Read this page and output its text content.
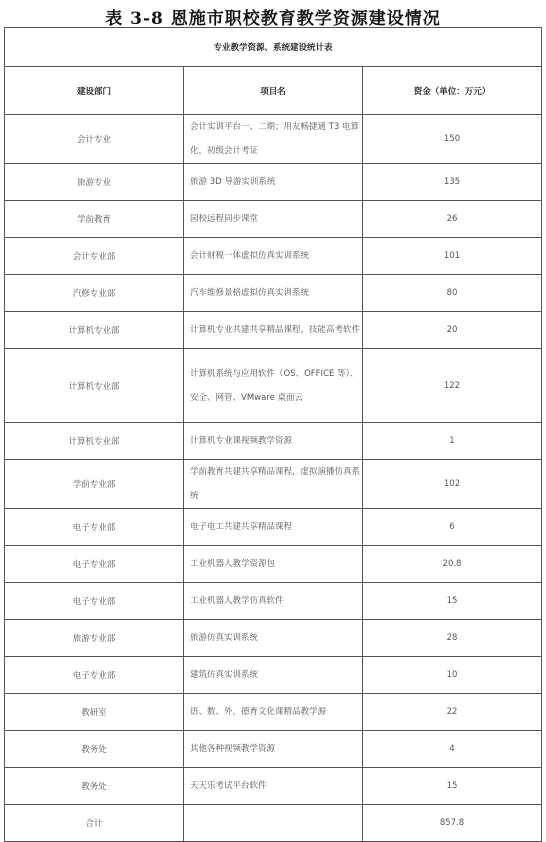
表 3-8 恩施市职校教育教学资源建设情况
专业教学资源、系统建设统计表		
建设部门	项目名	资金（单位：万元）
会计专业	会计实训平台一、二期；用友畅捷通 T3 电算化，初级会计考证	150
旅游专业	旅游 3D 导游实训系统	135
学前教育	园校远程同步课堂	26
会计专业部	会计财税一体虚拟仿真实训系统	101
汽修专业部	汽车维修景格虚拟仿真实训系统	80
计算机专业部	计算机专业共建共享精品课程，技能高考软件	20
计算机专业部	计算机系统与应用软件（OS、OFFICE 等）、安全、网管、VMware 桌面云	122
计算机专业部	计算机专业课视频教学资源	1
学前专业部	学前教育共建共享精品课程，虚拟演播仿真系统	102
电子专业部	电子电工共建共享精品课程	6
电子专业部	工业机器人教学资源包	20.8
电子专业部	工业机器人教学仿真软件	15
旅游专业部	旅游仿真实训系统	28
电子专业部	建筑仿真实训系统	10
教研室	语、数、外，德育文化课精品教学源	22
教务处	其他各种视频教学资源	4
教务处	天天乐考试平台软件	15
合计		857.8
